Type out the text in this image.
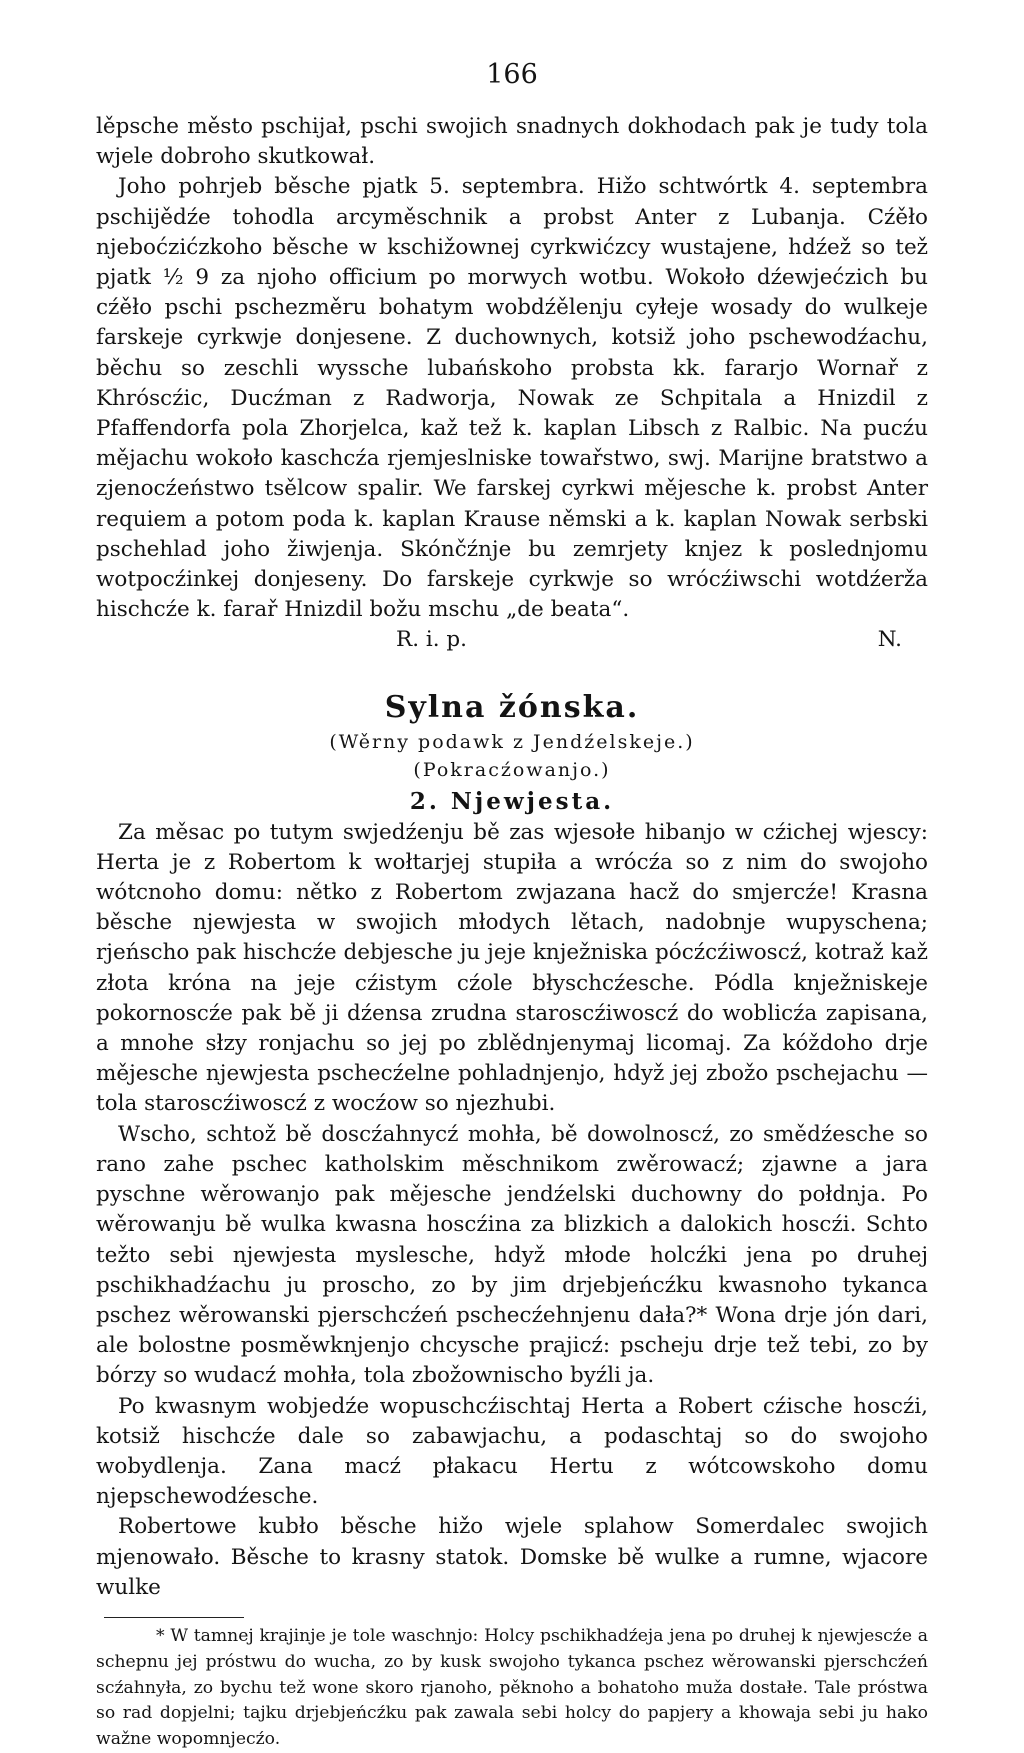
166

lěpsche město pschijał, pschi swojich snadnych dokhodach pak je tudy tola wjele dobroho skutkował.

Joho pohrjeb běsche pjatk 5. septembra. Hižo schtwórtk 4. septembra pschijědźe tohodla arcyměschnik a probst Anter z Lubanja. Cźěło njeboćzićzkoho běsche w kschižownej cyrkwićzcy wustajene, hdźež so tež pjatk ½ 9 za njoho officium po morwych wotbu. Wokoło dźewjećzich bu cźěło pschi pschezměru bohatym wobdźělenju cyłeje wosady do wulkeje farskeje cyrkwje donjesene. Z duchownych, kotsiž joho pschewodźachu, běchu so zeschli wyssche lubańskoho probsta kk. fararjo Wornař z Khróscźic, Ducźman z Radworja, Nowak ze Schpitala a Hnizdil z Pfaffendorfa pola Zhorjelca, kaž tež k. kaplan Libsch z Ralbic. Na pucźu mějachu wokoło kaschcźa rjemjeslniske towařstwo, swj. Marijne bratstwo a zjenocźeństwo tsělcow spalir. We farskej cyrkwi mějesche k. probst Anter requiem a potom poda k. kaplan Krause němski a k. kaplan Nowak serbski pschehlad joho žiwjenja. Skónčźnje bu zemrjety knjez k poslednjomu wotpocźinkej donjeseny. Do farskeje cyrkwje so wrócźiwschi wotdźerža hischcźe k. farař Hnizdil božu mschu „de beata“.

R. i. p.	N.

Sylna žónska.
(Wěrny podawk z Jendźelskeje.)
(Pokracźowanjo.)
2. Njewjesta.

Za měsac po tutym swjedźenju bě zas wjesołe hibanjo w cźichej wjescy: Herta je z Robertom k wołtarjej stupiła a wrócźa so z nim do swojoho wótcnoho domu: nětko z Robertom zwjazana hacž do smjercźe! Krasna běsche njewjesta w swojich młodych lětach, nadobnje wupyschena; rjeńscho pak hischcźe debjesche ju jeje knježniska pócźcźiwoscź, kotraž kaž złota króna na jeje cźistym cźole błyschcźesche. Pódla knježniskeje pokornoscźe pak bě ji dźensa zrudna staroscźiwoscź do woblicźa zapisana, a mnohe słzy ronjachu so jej po zblědnjenymaj licomaj. Za kóždoho drje mějesche njewjesta pschecźelne pohladnjenjo, hdyž jej zbožo pschejachu — tola staroscźiwoscź z wocźow so njezhubi.

Wscho, schtož bě doscźahnycź mohła, bě dowolnoscź, zo smědźesche so rano zahe pschec katholskim měschnikom zwěrowacź; zjawne a jara pyschne wěrowanjo pak mějesche jendźelski duchowny do połdnja. Po wěrowanju bě wulka kwasna hoscźina za blizkich a dalokich hoscźi. Schto težto sebi njewjesta myslesche, hdyž młode holcźki jena po druhej pschikhadźachu ju proscho, zo by jim drjebjeńcźku kwasnoho tykanca pschez wěrowanski pjerschcźeń pschecźehnjenu dała?* Wona drje jón dari, ale bolostne posměwknjenjo chcysche prajicź: pscheju drje tež tebi, zo by bórzy so wudacź mohła, tola zbožownischo byźli ja.

Po kwasnym wobjedźe wopuschcźischtaj Herta a Robert cźische hoscźi, kotsiž hischcźe dale so zabawjachu, a podaschtaj so do swojoho wobydlenja. Zana macź płakacu Hertu z wótcowskoho domu njepschewodźesche.

Robertowe kubło běsche hižo wjele splahow Somerdalec swojich mjenowało. Běsche to krasny statok. Domske bě wulke a rumne, wjacore wulke

* W tamnej krajinje je tole waschnjo: Holcy pschikhadźeja jena po druhej k njewjescźe a schepnu jej próstwu do wucha, zo by kusk swojoho tykanca pschez wěrowanski pjerschcźeń scźahnyła, zo bychu tež wone skoro rjanoho, pěknoho a bohatoho muža dostałe. Tale próstwa so rad dopjelni; tajku drjebjeńcźku pak zawala sebi holcy do papjery a khowaja sebi ju hako wažne wopomnjecźo.
